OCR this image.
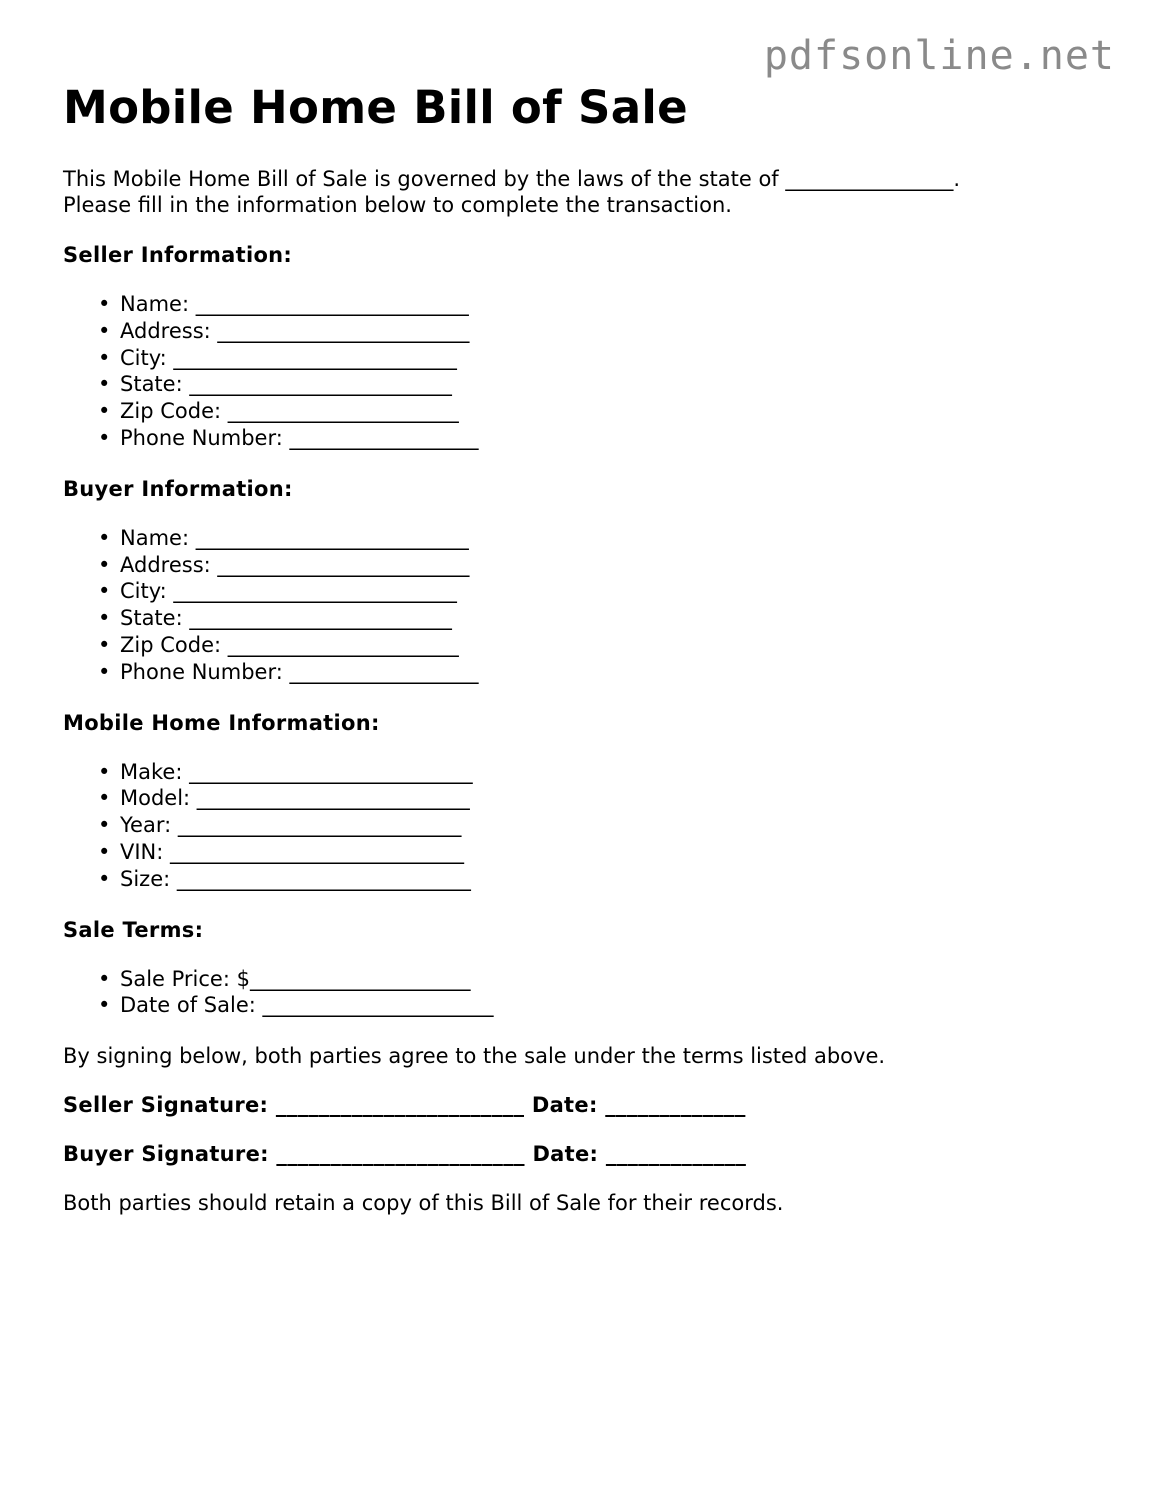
pdfsonline.net
Mobile Home Bill of Sale

This Mobile Home Bill of Sale is governed by the laws of the state of ________________.

Please fill in the information below to complete the transaction.

Seller Information:
• Name: __________________________
• Address: ________________________
• City: ___________________________
• State: _________________________
• Zip Code: ______________________
• Phone Number: __________________
Buyer Information:
• Name: __________________________
• Address: ________________________
• City: ___________________________
• State: _________________________
• Zip Code: ______________________
• Phone Number: __________________
Mobile Home Information:
• Make: ___________________________
• Model: __________________________
• Year: ___________________________
• VIN: ____________________________
• Size: ____________________________
Sale Terms:
• Sale Price: $_____________________
• Date of Sale: ______________________

By signing below, both parties agree to the sale under the terms listed above.

Seller Signature: _______________________ Date: _____________
Buyer Signature: _______________________ Date: _____________

Both parties should retain a copy of this Bill of Sale for their records.
